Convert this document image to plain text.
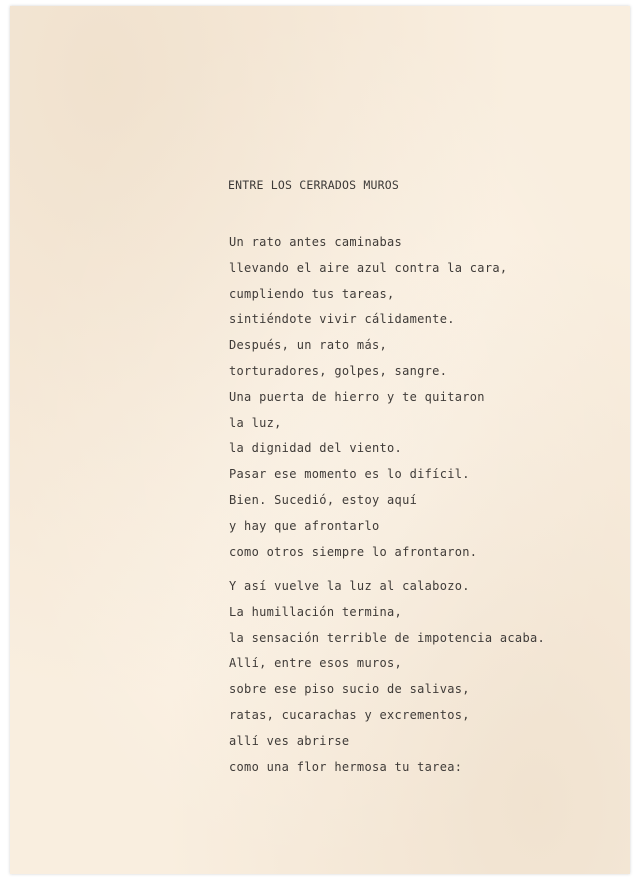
ENTRE LOS CERRADOS MUROS
Un rato antes caminabas
llevando el aire azul contra la cara,
cumpliendo tus tareas,
sintiéndote vivir cálidamente.
Después, un rato más,
torturadores, golpes, sangre.
Una puerta de hierro y te quitaron
la luz,
la dignidad del viento.
Pasar ese momento es lo difícil.
Bien. Sucedió, estoy aquí
y hay que afrontarlo
como otros siempre lo afrontaron.
Y así vuelve la luz al calabozo.
La humillación termina,
la sensación terrible de impotencia acaba.
Allí, entre esos muros,
sobre ese piso sucio de salivas,
ratas, cucarachas y excrementos,
allí ves abrirse
como una flor hermosa tu tarea:
